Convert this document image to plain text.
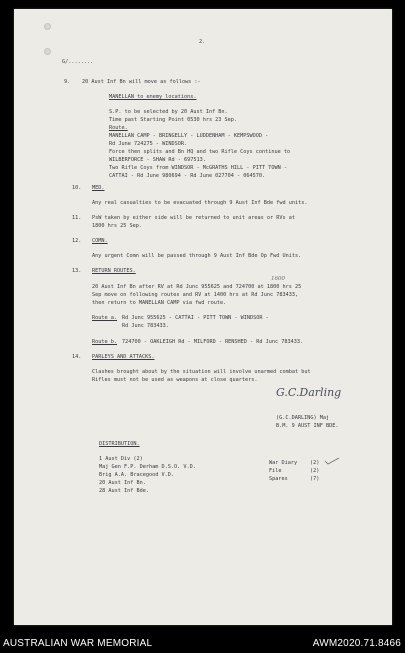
2.
G/........
9. 20 Aust Inf Bn will move as follows :-
MANELLAN to enemy locations.
S.P. to be selected by 20 Aust Inf Bn.
Time past Starting Point 0530 hrs 23 Sep.
Route.
MANELLAN CAMP - BRINGELLY - LUDDENHAM - KEMPSWOOD -
Rd June 724275 - WINDSOR.
Force then splits and Bn HQ and two Rifle Coys continue to
WILBERFORCE - SHAW Rd - 697513.
Two Rifle Coys from WINDSOR - McGRATHS HILL - PITT TOWN -
CATTAI - Rd June 980694 - Rd June 027704 - 064570.
10. MED.
Any real casualties to be evacuated through 9 Aust Inf Bde fwd units.
11. PsW taken by either side will be returned to unit areas or RVs at
1800 hrs 25 Sep.
12. COMN.
Any urgent Comn will be passed through 9 Aust Inf Bde Op Fwd Units.
13. RETURN ROUTES.
1600
20 Aust Inf Bn after RV at Rd Junc 955625 and 724700 at 1800 hrs 25
Sep move on following routes and RV at 1400 hrs at Rd Junc 783433,
then return to MANELLAN CAMP via fwd route.
Route a. Rd Junc 955625 - CATTAI - PITT TOWN - WINDSOR -
Rd Junc 783433.
Route b. 724700 - OAKLEIGH Rd - MILFORD - RENSHED - Rd Junc 783433.
14. PARLEYS AND ATTACKS.
Clashes brought about by the situation will involve unarmed combat but
Rifles must not be used as weapons at close quarters.
G.C.Darling
(G.C.DARLING) Maj
B.M. 9 AUST INF BDE.
DISTRIBUTION.
1 Aust Div (2)
Maj Gen F.P. Derham D.S.O. V.D.
Brig A.A. Bracegood V.D.
20 Aust Inf Bn.
28 Aust Inf Bde.
War Diary (2)
File	(2)
Spares	(7)
AUSTRALIAN WAR MEMORIAL	AWM2020.71.8466
